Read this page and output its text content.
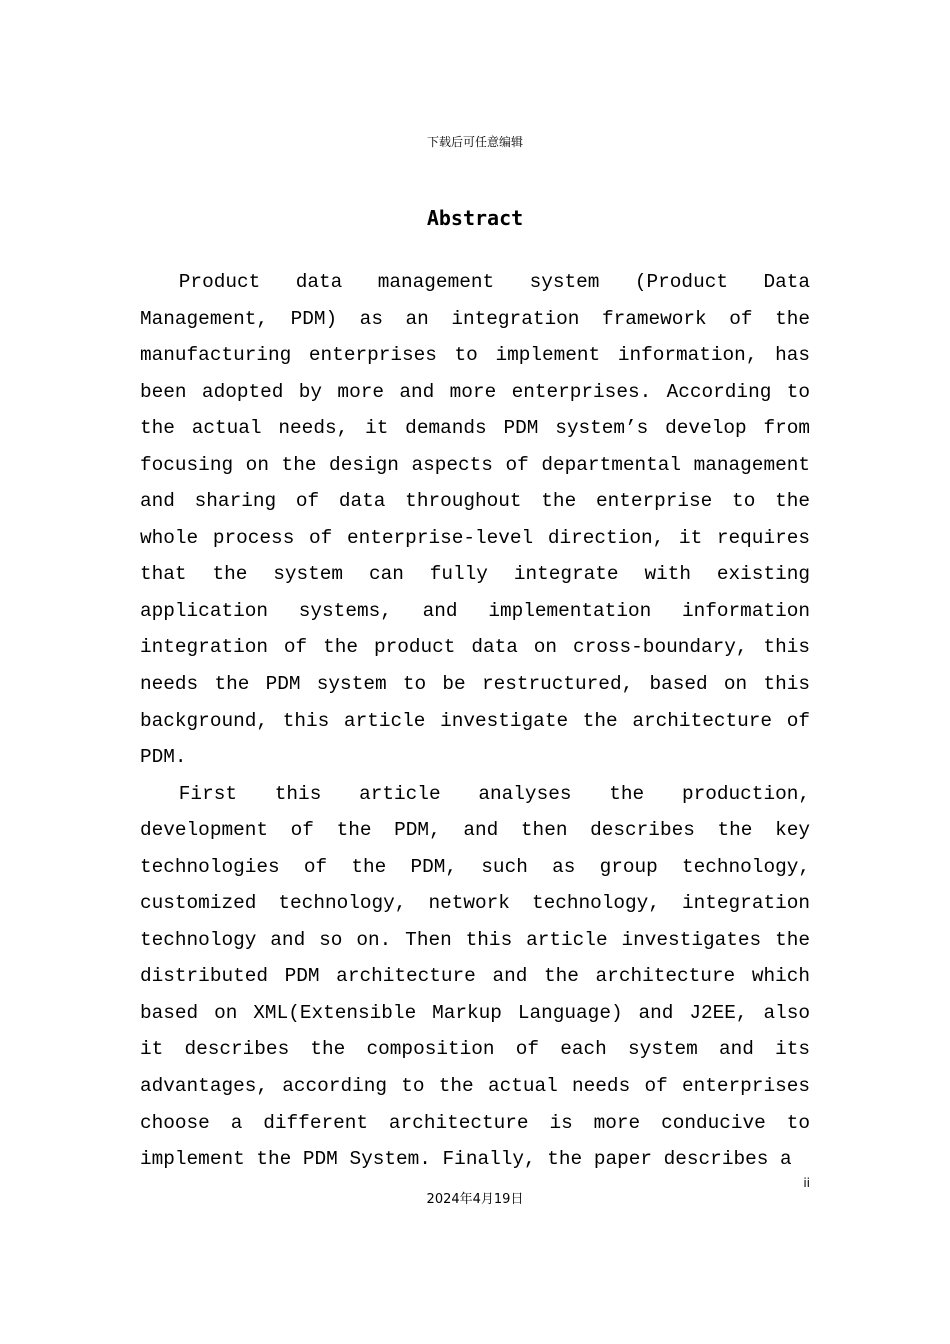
下载后可任意编辑
Abstract

Product data management system (Product Data Management, PDM) as an integration framework of the manufacturing enterprises to implement information, has been adopted by more and more enterprises. According to the actual needs, it demands PDM system’s develop from focusing on the design aspects of departmental management and sharing of data throughout the enterprise to the whole process of enterprise-level direction, it requires that the system can fully integrate with existing application systems, and implementation information integration of the product data on cross-boundary, this needs the PDM system to be restructured, based on this background, this article investigate the architecture of PDM.

First this article analyses the production, development of the PDM, and then describes the key technologies of the PDM, such as group technology, customized technology, network technology, integration technology and so on. Then this article investigates the distributed PDM architecture and the architecture which based on XML(Extensible Markup Language) and J2EE, also it describes the composition of each system and its advantages, according to the actual needs of enterprises choose a different architecture is more conducive to implement the PDM System. Finally, the paper describes a

ii
2024年4月19日
